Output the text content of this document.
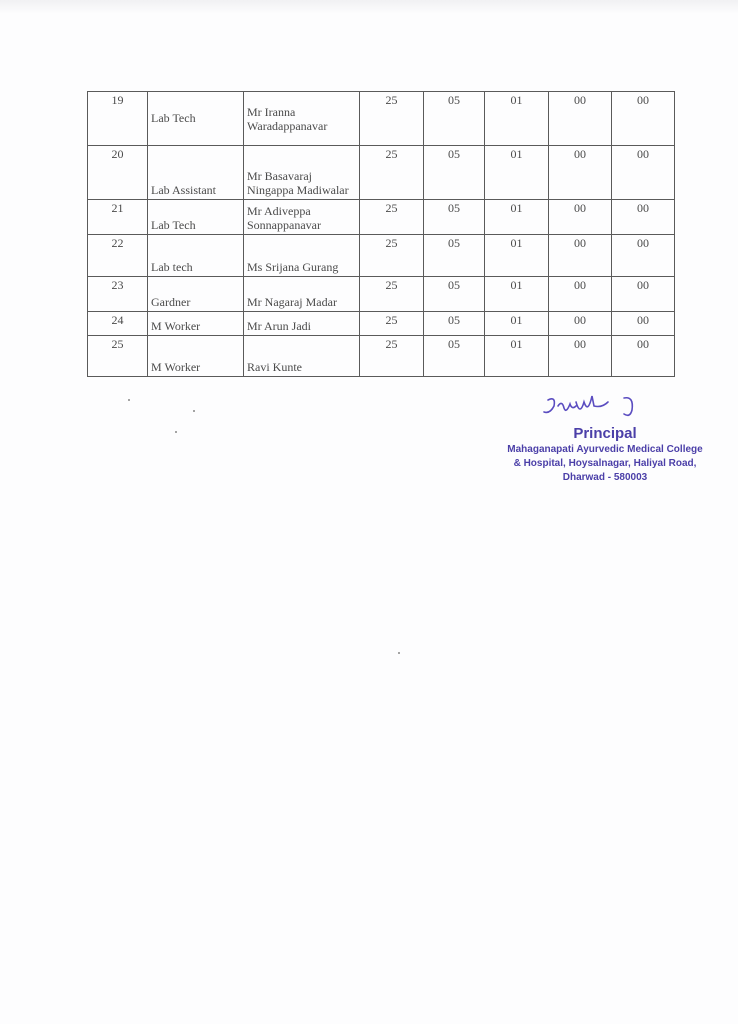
19	Lab Tech	Mr Iranna Waradappanavar	25	05	01	00	00
20	Lab Assistant	Mr Basavaraj Ningappa Madiwalar	25	05	01	00	00
21	Lab Tech	Mr Adiveppa Sonnappanavar	25	05	01	00	00
22	Lab tech	Ms Srijana Gurang	25	05	01	00	00
23	Gardner	Mr Nagaraj Madar	25	05	01	00	00
24	M Worker	Mr Arun Jadi	25	05	01	00	00
25	M Worker	Ravi Kunte	25	05	01	00	00
Principal
Mahaganapati Ayurvedic Medical College
& Hospital, Hoysalnagar, Haliyal Road,
Dharwad - 580003
